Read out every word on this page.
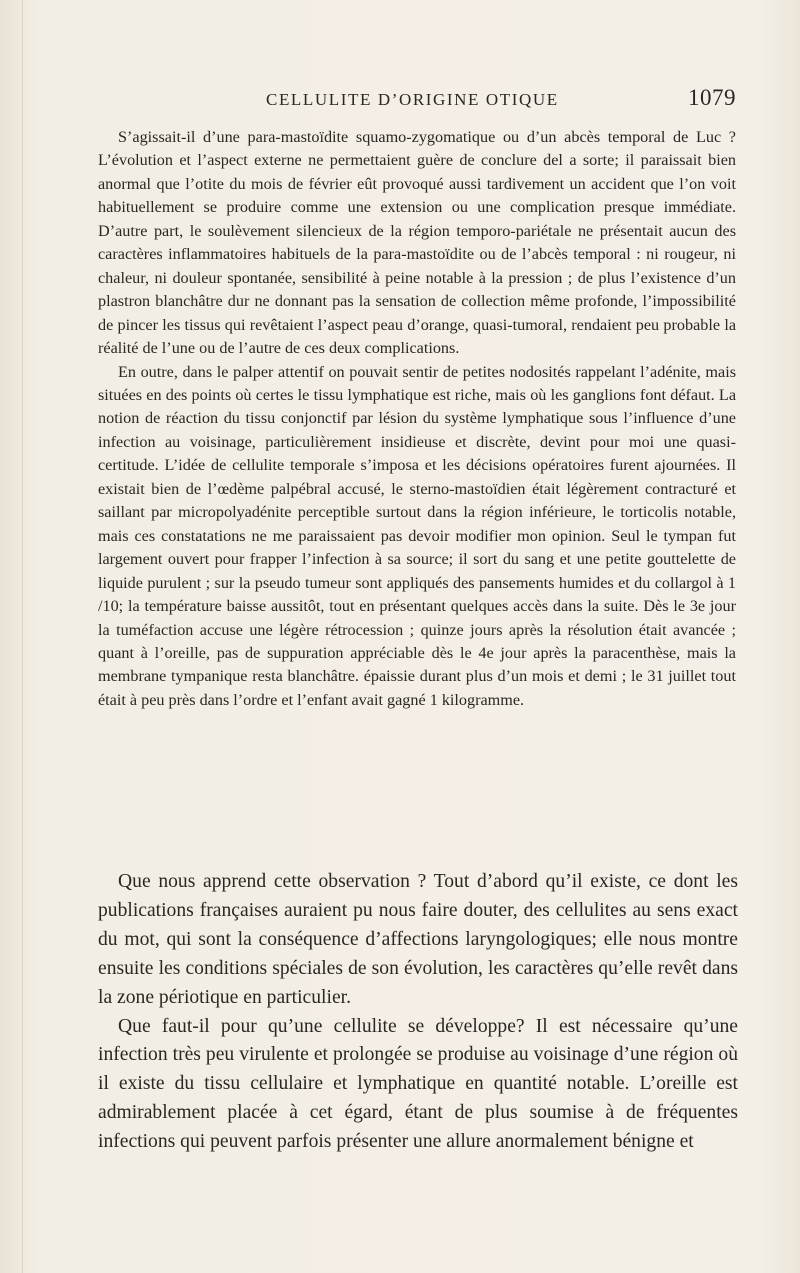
CELLULITE D’ORIGINE OTIQUE	1079

S’agissait-il d’une para-mastoïdite squamo-zygomatique ou d’un abcès temporal de Luc ? L’évolution et l’aspect externe ne permettaient guère de conclure del a sorte; il paraissait bien anormal que l’otite du mois de février eût provoqué aussi tardivement un accident que l’on voit habituellement se produire comme une extension ou une complication presque immédiate. D’autre part, le soulèvement silencieux de la région temporo-pariétale ne présentait aucun des caractères inflammatoires habituels de la para-mastoïdite ou de l’abcès temporal : ni rougeur, ni chaleur, ni douleur spontanée, sensibilité à peine notable à la pression ; de plus l’existence d’un plastron blanchâtre dur ne donnant pas la sensation de collection même profonde, l’impossibilité de pincer les tissus qui revêtaient l’aspect peau d’orange, quasi-tumoral, rendaient peu probable la réalité de l’une ou de l’autre de ces deux complications.

En outre, dans le palper attentif on pouvait sentir de petites nodosités rappelant l’adénite, mais situées en des points où certes le tissu lymphatique est riche, mais où les ganglions font défaut. La notion de réaction du tissu conjonctif par lésion du système lymphatique sous l’influence d’une infection au voisinage, particulièrement insidieuse et discrète, devint pour moi une quasi-certitude. L’idée de cellulite temporale s’imposa et les décisions opératoires furent ajournées. Il existait bien de l’œdème palpébral accusé, le sterno-mastoïdien était légèrement contracturé et saillant par micropolyadénite perceptible surtout dans la région inférieure, le torticolis notable, mais ces constatations ne me paraissaient pas devoir modifier mon opinion. Seul le tympan fut largement ouvert pour frapper l’infection à sa source; il sort du sang et une petite gouttelette de liquide purulent ; sur la pseudo tumeur sont appliqués des pansements humides et du collargol à 1 /10; la température baisse aussitôt, tout en présentant quelques accès dans la suite. Dès le 3e jour la tuméfaction accuse une légère rétrocession ; quinze jours après la résolution était avancée ; quant à l’oreille, pas de suppuration appréciable dès le 4e jour après la paracenthèse, mais la membrane tympanique resta blanchâtre. épaissie durant plus d’un mois et demi ; le 31 juillet tout était à peu près dans l’ordre et l’enfant avait gagné 1 kilogramme.

Que nous apprend cette observation ? Tout d’abord qu’il existe, ce dont les publications françaises auraient pu nous faire douter, des cellulites au sens exact du mot, qui sont la conséquence d’affections laryngologiques; elle nous montre ensuite les conditions spéciales de son évolution, les caractères qu’elle revêt dans la zone périotique en particulier.

Que faut-il pour qu’une cellulite se développe? Il est nécessaire qu’une infection très peu virulente et prolongée se produise au voisinage d’une région où il existe du tissu cellulaire et lymphatique en quantité notable. L’oreille est admirablement placée à cet égard, étant de plus soumise à de fréquentes infections qui peuvent parfois présenter une allure anormalement bénigne et
